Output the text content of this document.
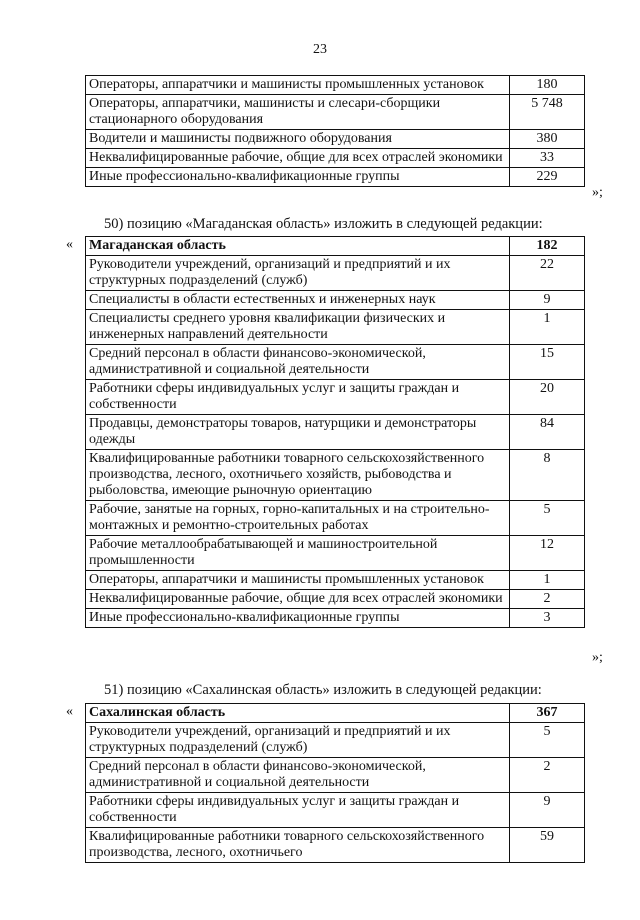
23
Операторы, аппаратчики и машинисты промышленных установок	180
Операторы, аппаратчики, машинисты и слесари-сборщики стационарного оборудования	5 748
Водители и машинисты подвижного оборудования	380
Неквалифицированные рабочие, общие для всех отраслей экономики	33
Иные профессионально-квалификационные группы	229
»;
50) позицию «Магаданская область» изложить в следующей редакции:
« Магаданская область	182
Руководители учреждений, организаций и предприятий и их структурных подразделений (служб)	22
Специалисты в области естественных и инженерных наук	9
Специалисты среднего уровня квалификации физических и инженерных направлений деятельности	1
Средний персонал в области финансово-экономической, административной и социальной деятельности	15
Работники сферы индивидуальных услуг и защиты граждан и собственности	20
Продавцы, демонстраторы товаров, натурщики и демонстраторы одежды	84
Квалифицированные работники товарного сельскохозяйственного производства, лесного, охотничьего хозяйств, рыбоводства и рыболовства, имеющие рыночную ориентацию	8
Рабочие, занятые на горных, горно-капитальных и на строительно-монтажных и ремонтно-строительных работах	5
Рабочие металлообрабатывающей и машиностроительной промышленности	12
Операторы, аппаратчики и машинисты промышленных установок	1
Неквалифицированные рабочие, общие для всех отраслей экономики	2
Иные профессионально-квалификационные группы	3
»;
51) позицию «Сахалинская область» изложить в следующей редакции:
« Сахалинская область	367
Руководители учреждений, организаций и предприятий и их структурных подразделений (служб)	5
Средний персонал в области финансово-экономической, административной и социальной деятельности	2
Работники сферы индивидуальных услуг и защиты граждан и собственности	9
Квалифицированные работники товарного сельскохозяйственного производства, лесного, охотничьего	59
